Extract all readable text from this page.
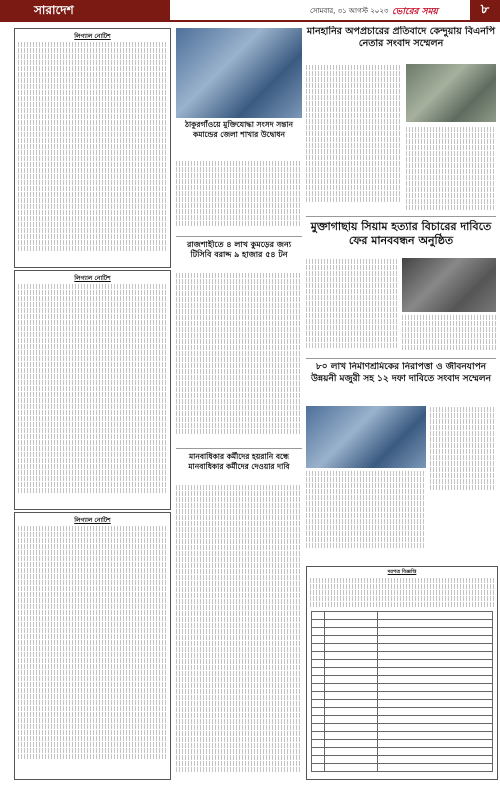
সারাদেশ	সোমবার, ৩১ আগস্ট ২০২৩ ভোরের সময়	৮
লিগ্যাল নোটিশ
লিগ্যাল নোটিশ
লিগ্যাল নোটিশ
মানহানির অপপ্রচারের প্রতিবাদে কেন্দুয়ায় বিএনপি নেতার সংবাদ সম্মেলন
ঠাকুরগাঁওয়ে মুক্তিযোদ্ধা সংসদ সন্তান কমান্ডের জেলা শাখার উদ্বোধন
রাজশাহীতে ৪ লাখ কুমড়ের জন্য টিসিবি বরাদ্দ ৯ হাজার ৫৪ টন
মানবাধিকার কর্মীদের হয়রানি বন্ধে মানবাধিকার কর্মীদের দেওয়ার দাবি
মুক্তাগাছায় সিয়াম হত্যার বিচারের দাবিতে ফের মানববন্ধন অনুষ্ঠিত
৮০ লাখ নির্মাণশ্রমিকের নিরাপত্তা ও জীবনযাপন উন্নয়নী মজুরী সহ ১২ দফা দাবিতে সংবাদ সম্মেলন
দরপত্র বিজ্ঞপ্তি
